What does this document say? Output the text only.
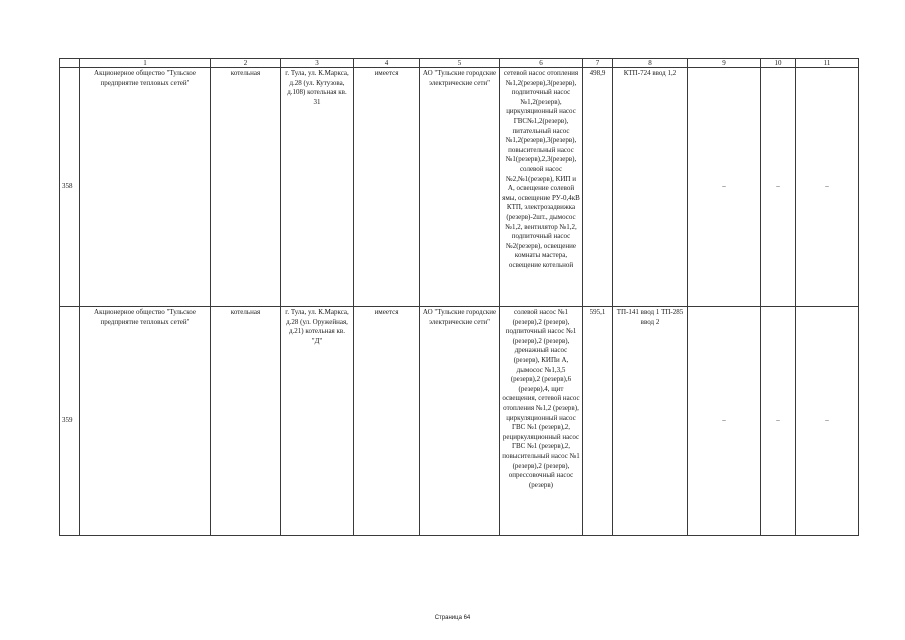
	1	2	3	4	5	6	7	8	9	10	11
358	Акционерное общество "Тульское предприятие тепловых сетей"	котельная	г. Тула, ул. К.Маркса, д.28 (ул. Кутузова, д.108) котельная кв. 31	имеется	АО "Тульские городские электрические сети"	сетевой насос отопления №1,2(резерв),3(резерв), подпиточный насос №1,2(резерв), циркуляционный насос ГВС№1,2(резерв), питательный насос №1,2(резерв),3(резерв), повысительный насос №1(резерв),2,3(резерв), солевой насос №2,№1(резерв), КИП и А, освещение солевой ямы, освещение РУ-0,4кВ КТП, электрозадвижка (резерв)-2шт., дымосос №1,2, вентилятор №1,2, подпиточный насос №2(резерв), освещение комнаты мастера, освещение котельной	498,9	КТП-724 ввод 1,2	–	–	–
359	Акционерное общество "Тульское предприятие тепловых сетей"	котельная	г. Тула, ул. К.Маркса, д.28 (ул. Оружейная, д.21) котельная кв. "Д"	имеется	АО "Тульские городские электрические сети"	солевой насос №1 (резерв),2 (резерв), подпиточный насос №1 (резерв),2 (резерв), дренажный насос (резерв), КИПи А, дымосос №1,3,5 (резерв),2 (резерв),6 (резерв),4, щит освещения, сетевой насос отопления №1,2 (резерв), циркуляционный насос ГВС №1 (резерв),2, рециркуляционный насос ГВС №1 (резерв),2, повысительный насос №1 (резерв),2 (резерв), опрессовочный насос (резерв)	595,1	ТП-141 ввод 1 ТП-285 ввод 2	–	–	–
Страница 64
